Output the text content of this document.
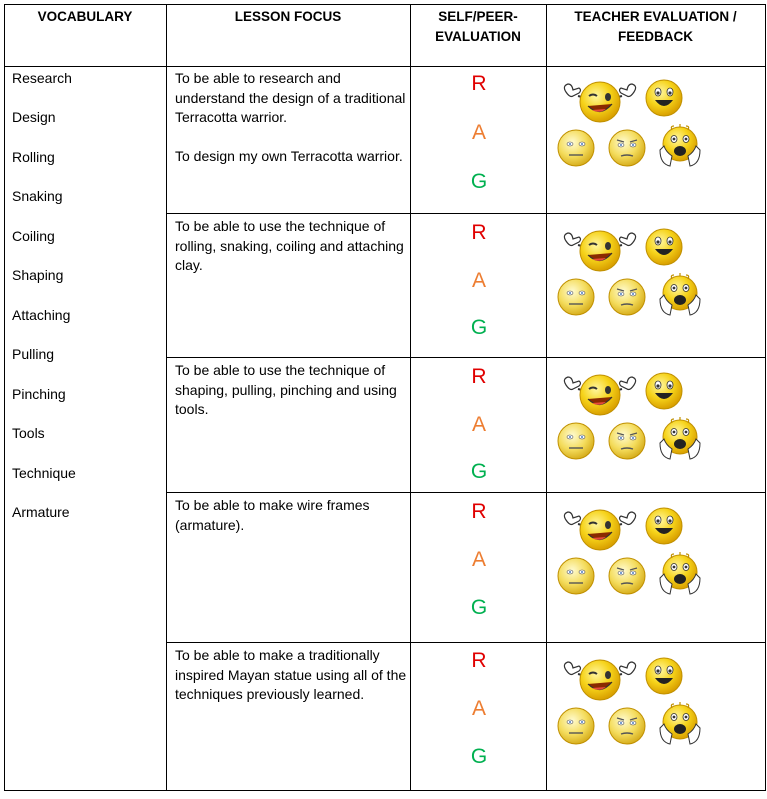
VOCABULARY	LESSON FOCUS	SELF/PEER-
EVALUATION
TEACHER EVALUATION /
FEEDBACK
Research
Design
Rolling
Snaking
Coiling
Shaping
Attaching
Pulling
Pinching
Tools
Technique
Armature

To be able to research and understand the design of a traditional Terracotta warrior.

To design my own Terracotta warrior.

To be able to use the technique of rolling, snaking, coiling and attaching clay.

To be able to use the technique of shaping, pulling, pinching and using tools.

To be able to make wire frames (armature).

To be able to make a traditionally inspired Mayan statue using all of the techniques previously learned.

R
A
G
R
A
G
R
A
G
R
A
G
R
A
G
